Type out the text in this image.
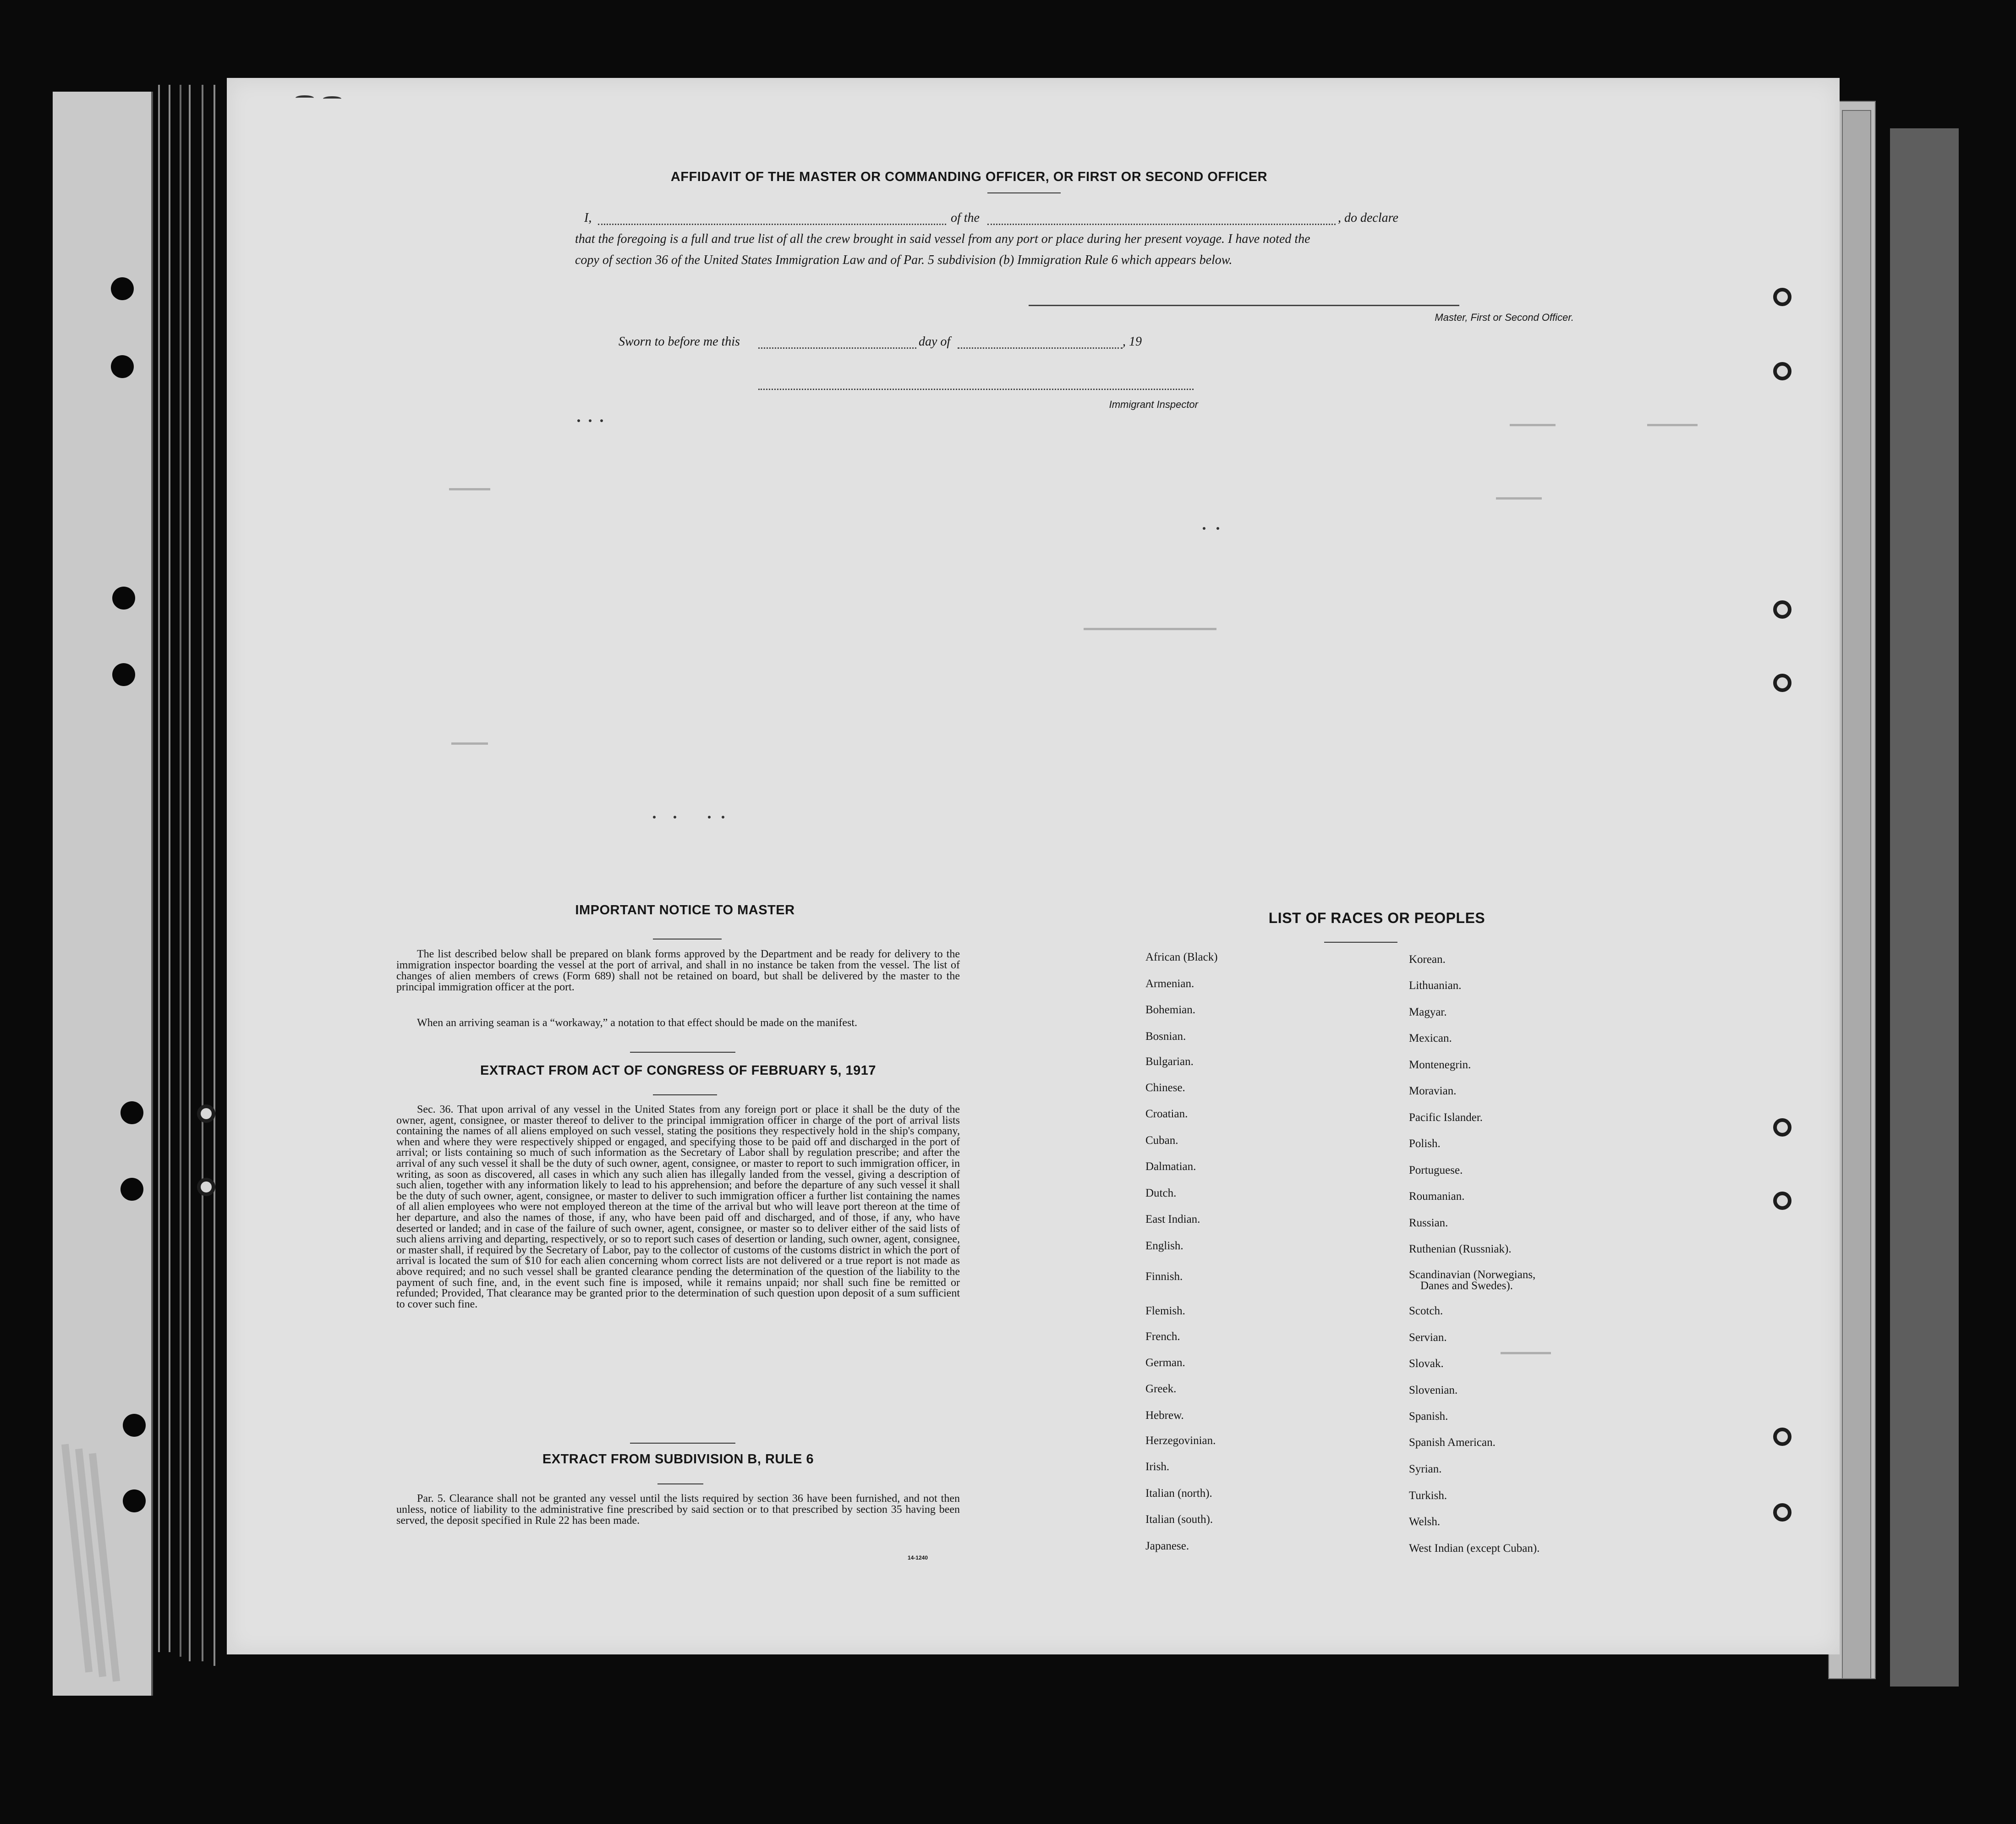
AFFIDAVIT OF THE MASTER OR COMMANDING OFFICER, OR FIRST OR SECOND OFFICER
I,	of the	, do declare
that the foregoing is a full and true list of all the crew brought in said vessel from any port or place during her present voyage. I have noted the
copy of section 36 of the United States Immigration Law and of Par. 5 subdivision (b) Immigration Rule 6 which appears below.
Master, First or Second Officer.
Sworn to before me this	day of	, 19
Immigrant Inspector
IMPORTANT NOTICE TO MASTER
The list described below shall be prepared on blank forms approved by the Department and be ready for delivery to the immigration inspector boarding the vessel at the port of arrival, and shall in no instance be taken from the vessel. The list of changes of alien members of crews (Form 689) shall not be retained on board, but shall be delivered by the master to the principal immigration officer at the port.
When an arriving seaman is a “workaway,” a notation to that effect should be made on the manifest.
EXTRACT FROM ACT OF CONGRESS OF FEBRUARY 5, 1917
Sec. 36. That upon arrival of any vessel in the United States from any foreign port or place it shall be the duty of the owner, agent, consignee, or master thereof to deliver to the principal immigration officer in charge of the port of arrival lists containing the names of all aliens employed on such vessel, stating the positions they respectively hold in the ship's company, when and where they were respectively shipped or engaged, and specifying those to be paid off and discharged in the port of arrival; or lists containing so much of such information as the Secretary of Labor shall by regulation prescribe; and after the arrival of any such vessel it shall be the duty of such owner, agent, consignee, or master to report to such immigration officer, in writing, as soon as discovered, all cases in which any such alien has illegally landed from the vessel, giving a description of such alien, together with any information likely to lead to his apprehension; and before the departure of any such vessel it shall be the duty of such owner, agent, consignee, or master to deliver to such immigration officer a further list containing the names of all alien employees who were not employed thereon at the time of the arrival but who will leave port thereon at the time of her departure, and also the names of those, if any, who have been paid off and discharged, and of those, if any, who have deserted or landed; and in case of the failure of such owner, agent, consignee, or master so to deliver either of the said lists of such aliens arriving and departing, respectively, or so to report such cases of desertion or landing, such owner, agent, consignee, or master shall, if required by the Secretary of Labor, pay to the collector of customs of the customs district in which the port of arrival is located the sum of $10 for each alien concerning whom correct lists are not delivered or a true report is not made as above required; and no such vessel shall be granted clearance pending the determination of the question of the liability to the payment of such fine, and, in the event such fine is imposed, while it remains unpaid; nor shall such fine be remitted or refunded; Provided, That clearance may be granted prior to the determination of such question upon deposit of a sum sufficient to cover such fine.
EXTRACT FROM SUBDIVISION B, RULE 6
Par. 5. Clearance shall not be granted any vessel until the lists required by section 36 have been furnished, and not then unless, notice of liability to the administrative fine prescribed by said section or to that prescribed by section 35 having been served, the deposit specified in Rule 22 has been made.
14-1240
LIST OF RACES OR PEOPLES
African (Black)
Armenian.
Bohemian.
Bosnian.
Bulgarian.
Chinese.
Croatian.
Cuban.
Dalmatian.
Dutch.
East Indian.
English.
Finnish.
Flemish.
French.
German.
Greek.
Hebrew.
Herzegovinian.
Irish.
Italian (north).
Italian (south).
Japanese.
Korean.
Lithuanian.
Magyar.
Mexican.
Montenegrin.
Moravian.
Pacific Islander.
Polish.
Portuguese.
Roumanian.
Russian.
Ruthenian (Russniak).
Scandinavian (Norwegians,
Danes and Swedes).
Scotch.
Servian.
Slovak.
Slovenian.
Spanish.
Spanish American.
Syrian.
Turkish.
Welsh.
West Indian (except Cuban).
